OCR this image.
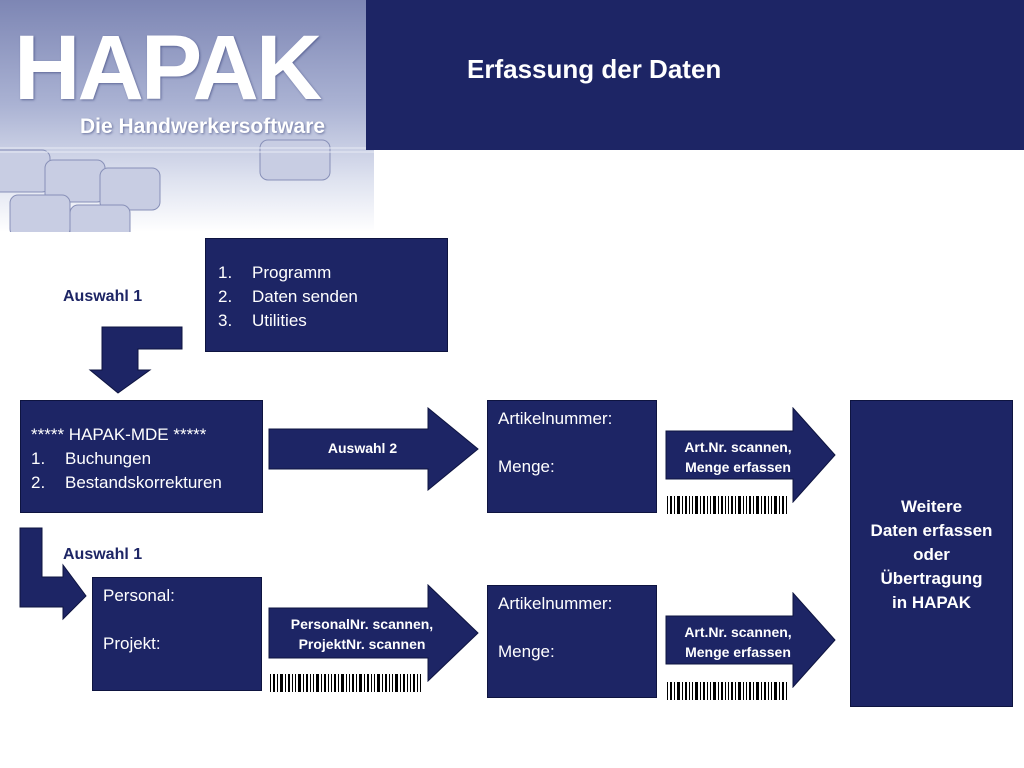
HAPAK
Die Handwerkersoftware
Erfassung der Daten
1. Programm
2. Daten senden
3. Utilities
Auswahl 1
***** HAPAK-MDE *****
1. Buchungen
2. Bestandskorrekturen
Auswahl 2
Artikelnummer:
Menge:
Art.Nr. scannen,
Menge erfassen
Weitere
Daten erfassen
oder
Übertragung
in HAPAK
Auswahl 1
Personal:
Projekt:
PersonalNr. scannen,
ProjektNr. scannen
Artikelnummer:
Menge:
Art.Nr. scannen,
Menge erfassen
